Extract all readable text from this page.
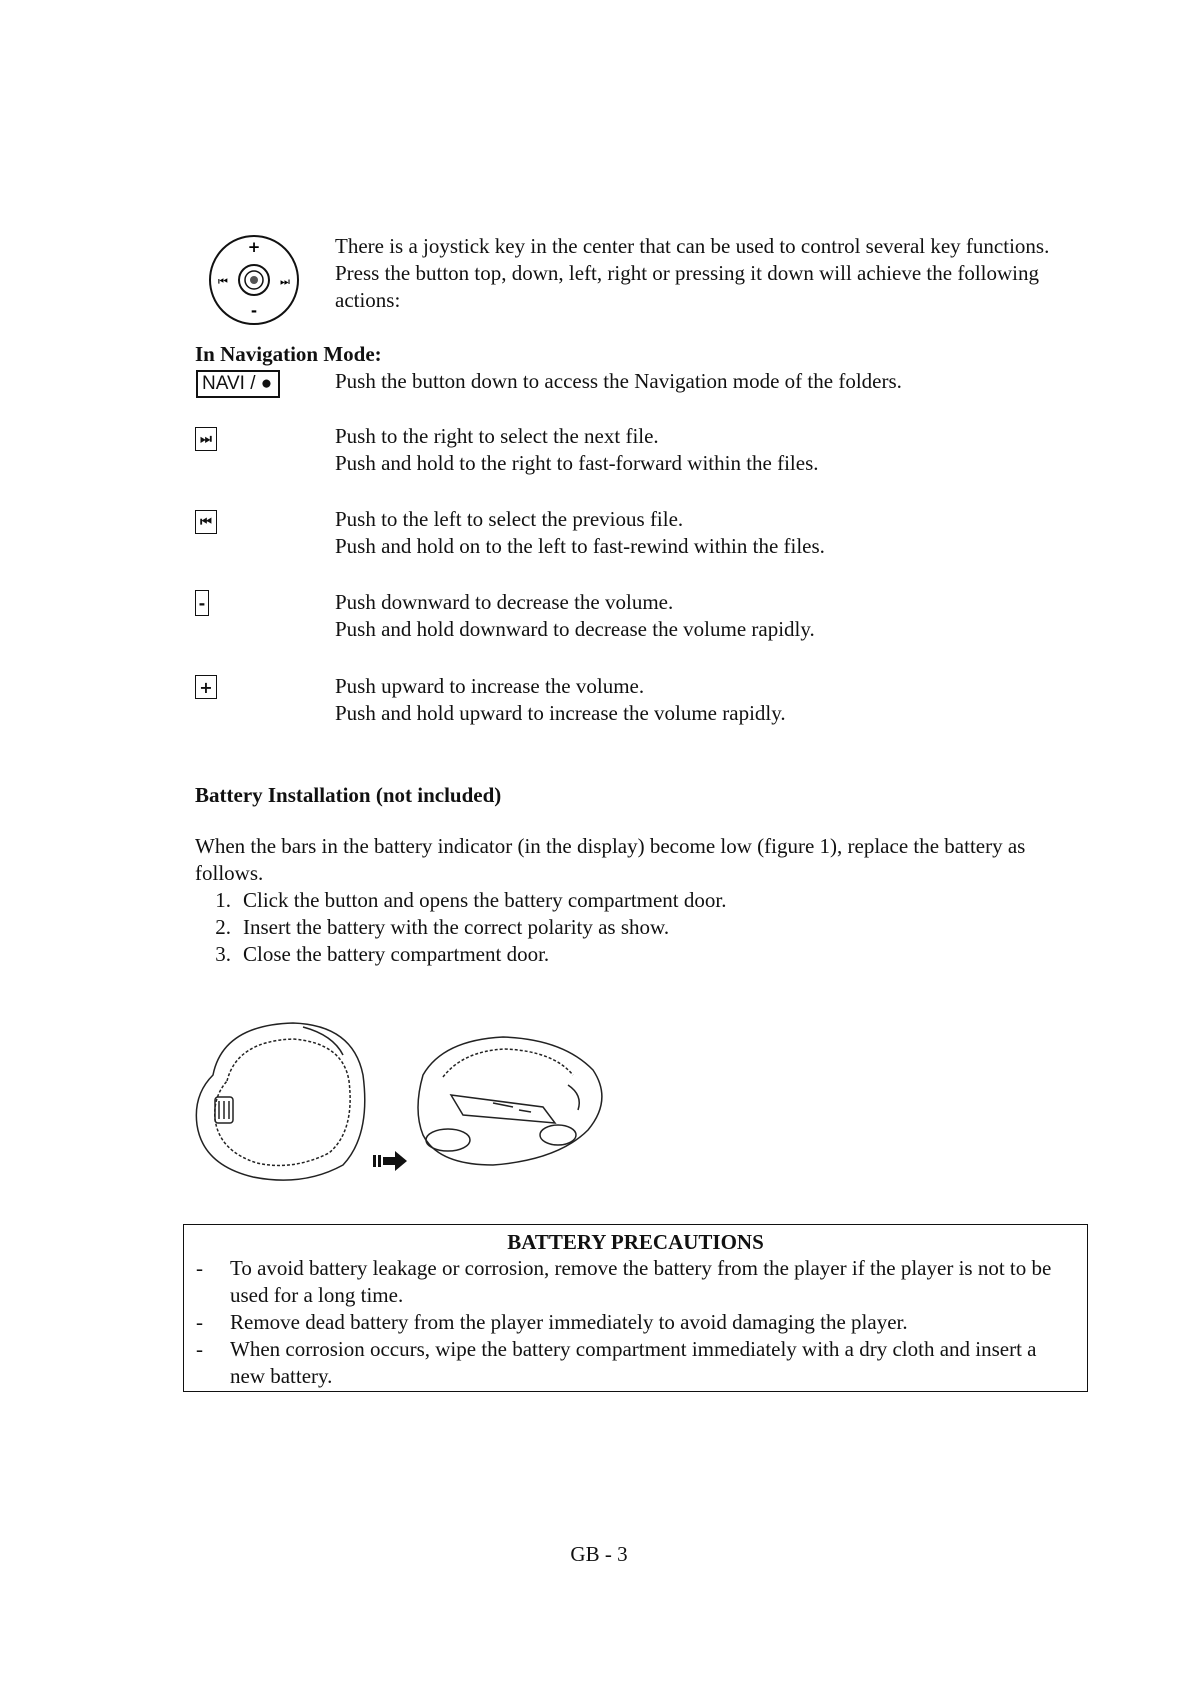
+
⏮	⏭
-
There is a joystick key in the center that can be used to control several key functions. Press the button top, down, left, right or pressing it down will achieve the following actions:
In Navigation Mode:
NAVI / ●	Push the button down to access the Navigation mode of the folders.
⏭	Push to the right to select the next file.
Push and hold to the right to fast-forward within the files.
⏮	Push to the left to select the previous file.
Push and hold on to the left to fast-rewind within the files.
-	Push downward to decrease the volume.
Push and hold downward to decrease the volume rapidly.
+	Push upward to increase the volume.
Push and hold upward to increase the volume rapidly.
Battery Installation (not included)
When the bars in the battery indicator (in the display) become low (figure 1), replace the battery as follows.
1. Click the button and opens the battery compartment door.
2. Insert the battery with the correct polarity as show.
3. Close the battery compartment door.
BATTERY PRECAUTIONS
-	To avoid battery leakage or corrosion, remove the battery from the player if the player is not to be used for a long time.
-	Remove dead battery from the player immediately to avoid damaging the player.
-	When corrosion occurs, wipe the battery compartment immediately with a dry cloth and insert a new battery.
GB - 3
